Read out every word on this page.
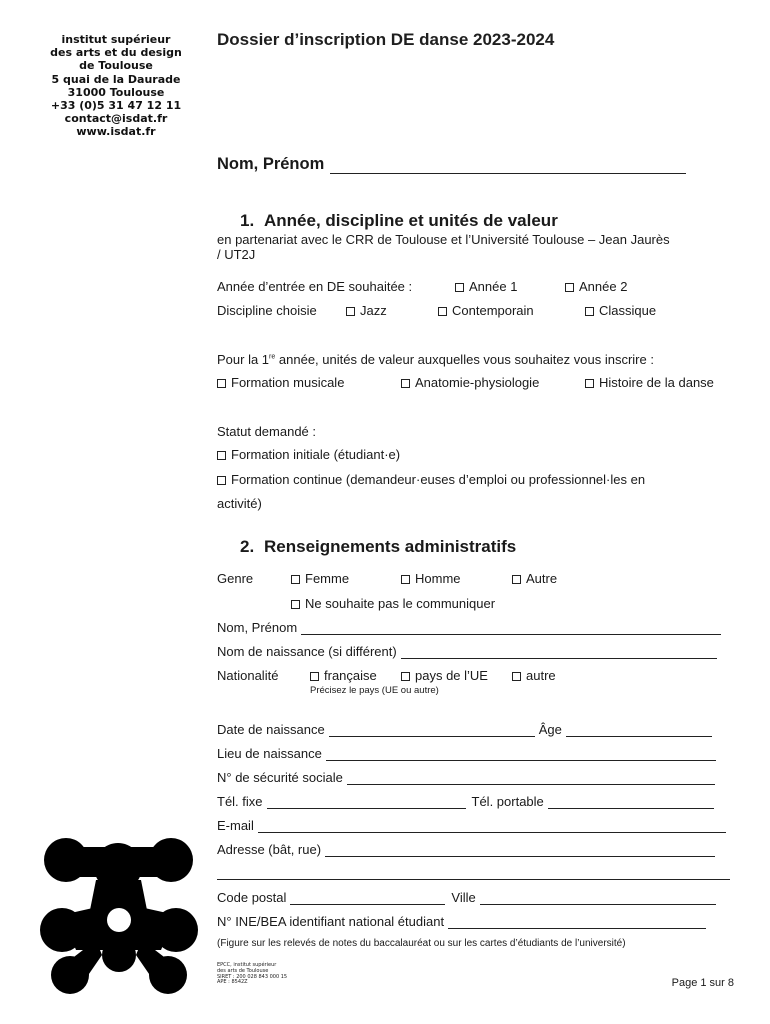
institut supérieur
des arts et du design
de Toulouse
5 quai de la Daurade
31000 Toulouse
+33 (0)5 31 47 12 11
contact@isdat.fr
www.isdat.fr
Dossier d’inscription DE danse 2023-2024
Nom, Prénom
1. Année, discipline et unités de valeur
en partenariat avec le CRR de Toulouse et l’Université Toulouse – Jean Jaurès
/ UT2J
Année d’entrée en DE souhaitée :	Année 1	Année 2
Discipline choisie	Jazz	Contemporain	Classique
Pour la 1re année, unités de valeur auxquelles vous souhaitez vous inscrire :
Formation musicale	Anatomie-physiologie	Histoire de la danse
Statut demandé :
Formation initiale (étudiant·e)
Formation continue (demandeur·euses d’emploi ou professionnel·les en
activité)
2. Renseignements administratifs
Genre	Femme	Homme	Autre
Ne souhaite pas le communiquer
Nom, Prénom
Nom de naissance (si différent)
Nationalité	française	pays de l’UE	autre
Précisez le pays (UE ou autre)
Date de naissance	Âge
Lieu de naissance
N° de sécurité sociale
Tél. fixe	Tél. portable
E-mail
Adresse (bât, rue)
Code postal	Ville
N° INE/BEA identifiant national étudiant
(Figure sur les relevés de notes du baccalauréat ou sur les cartes d’étudiants de l’université)
EPCC, institut supérieur
des arts de Toulouse
SIRET : 200 028 843 000 15
APE : 8542Z	Page 1 sur 8
